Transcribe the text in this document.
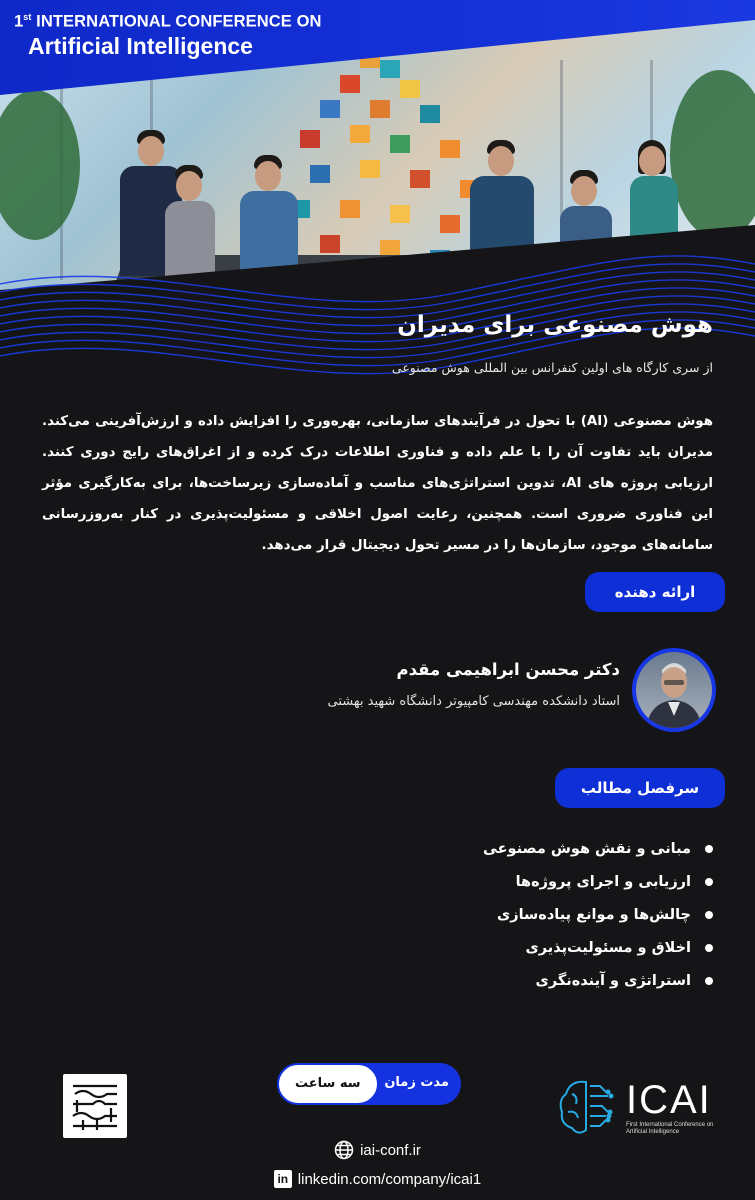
1st INTERNATIONAL CONFERENCE ON
Artificial Intelligence
هوش مصنوعی برای مدیران
از سری کارگاه های اولین کنفرانس بین المللی هوش مصنوعی
هوش مصنوعی (AI) با تحول در فرآیندهای سازمانی، بهره‌وری را افزایش داده و ارزش‌آفرینی می‌کند. مدیران باید تفاوت آن را با علم داده و فناوری اطلاعات درک کرده و از اغراق‌های رایج دوری کنند. ارزیابی پروژه های AI، تدوین استراتژی‌های مناسب و آماده‌سازی زیرساخت‌ها، برای به‌کارگیری مؤثر این فناوری ضروری است. همچنین، رعایت اصول اخلاقی و مسئولیت‌پذیری در کنار به‌روزرسانی سامانه‌های موجود، سازمان‌ها را در مسیر تحول دیجیتال قرار می‌دهد.
ارائه دهنده
دکتر محسن ابراهیمی مقدم
استاد دانشکده مهندسی کامپیوتر دانشگاه شهید بهشتی
سرفصل مطالب
مبانی و نقش هوش مصنوعی
ارزیابی و اجرای پروژه‌ها
چالش‌ها و موانع پیاده‌سازی
اخلاق و مسئولیت‌پذیری
استراتژی و آینده‌نگری
مدت زمان
سه ساعت	ICAI
First International Conference on Artificial Intelligence
iai-conf.ir
in linkedin.com/company/icai1
